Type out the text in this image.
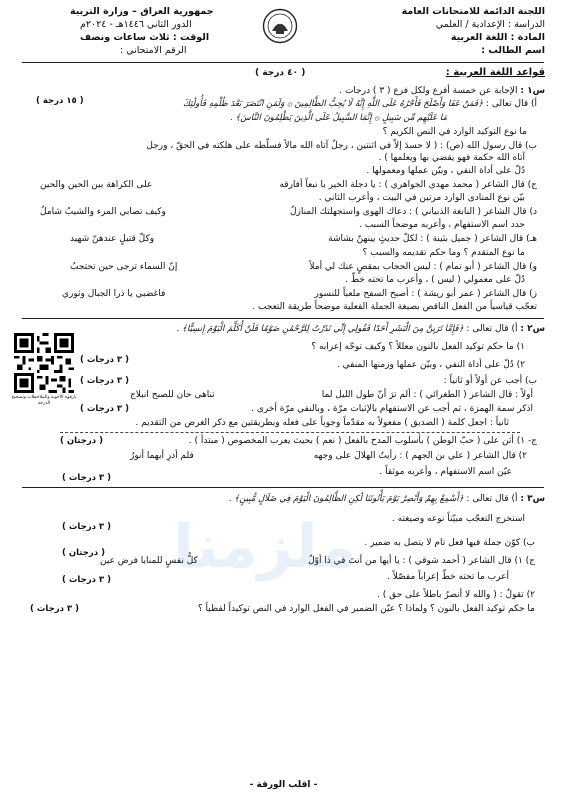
اللجنة الدائمة للامتحانات العامة
الدراسة : الإعدادية / العلمي
المادة : اللغة العربية
اسم الطالب :
جمهورية العراق – وزارة التربية
الدور الثاني ١٤٤٦هـ - ٢٠٢٤م
الوقت : ثلاث ساعات ونصف
الرقم الامتحاني :
قواعد اللغة العربية :
( ٤٠ درجة )
س١ : الإجابة عن خمسة أفرع ولكل فرع ( ٣ ) درجات .
( ١٥ درجة )	أ) قال تعالى : ﴿فَمَنْ عَفَا وَأَصْلَحَ فَأَجْرُهُ عَلَى اللَّهِ إِنَّهُ لَا يُحِبُّ الظَّالِمِينَ ۞ وَلَمَنِ انْتَصَرَ بَعْدَ ظُلْمِهِ فَأُولَٰئِكَ
مَا عَلَيْهِم مِّن سَبِيلٍ ۞ إِنَّمَا السَّبِيلُ عَلَى الَّذِينَ يَظْلِمُونَ النَّاسَ﴾ .
ما نوع التوكيد الوارد في النص الكريم ؟
ب) قال رسول الله (ص) : ( لا حسدَ إلاّ في اثنتين ، رجلٌ آتاه الله مالاً فسلّطه على هلكته في الحقّ ، ورجل
آتاه الله حكمة فهو يقضي بها ويعلمها ) .
دُلّ على أداة النفي ، وبيّن عملها ومعمولها .
ج) قال الشاعر ( محمد مهدي الجواهري ) : يا دجلة الخير يا نبعاً أفارقه
على الكراهة بين الحين والحين
بيّن نوع المنادى الوارد مرتين في البيت ، وأعرب الثاني .
د) قال الشاعر ( النابغة الذبياني ) : دعاك الهوى واستجهلتك المنازلُ
وكيف تصابي المرء والشيبُ شاملُ
حدد اسم الاستفهام ، وأعربه موضحاً السبب .
هـ) قال الشاعر ( جميل بثينة ) : لكلّ حديثٍ بينهنّ بشاشة
وكلّ قتيلٍ عندهنّ شهيد
ما نوع المتقدم ؟ وما حكم تقديمه والسبب ؟
و) قال الشاعر ( أبو تمام ) : ليس الحجاب بمقصٍ عنك لي أملاً
إنّ السماء ترجى حين تحتجبُ
دُلّ على معمولي ( ليس ) ، وأعرب ما تحته خطّ .
ز) قال الشاعر ( عمر أبو ريشة ) : أصبح السفح ملعباً للنسور
فاغضبي يا ذرا الجبال وثوري
تعجّب قياسياً من الفعل الناقص بصيغة الجملة الفعلية موضحاً طريقة التعجب .
يارقوه الأجوبة والملاحظات وتصحيح الدرجة
س٢ : أ) قال تعالى : ﴿فَإِمَّا تَرَيِنَّ مِنَ الْبَشَرِ أَحَدًا فَقُولِي إِنِّي نَذَرْتُ لِلرَّحْمَٰنِ صَوْمًا فَلَنْ أُكَلِّمَ الْيَوْمَ إِنسِيًّا﴾ .
١) ما حكم توكيد الفعل بالنون معللاً ؟ وكيف توجّه إعرابه ؟
( ٣ درجات )	٢) دُلّ على أداة النفي ، وبيّن عملها وزمنها المنفي .
( ٣ درجات )	ب) أجب عن أولاً أو ثانياً :
أولاً : قال الشاعر ( الطغرائي ) : ألم ترَ أنّ طول الليل لما
تناهى حان للصبح انبلاج
اذكر سمة الهمزة ، ثم أجب عن الاستفهام بالإثبات مرّة ، وبالنفي مرّة أخرى .
( ٣ درجات )
ثانياً : اجعل كلمة ( الصديق ) مفعولاً به مقدّماً وجوباً على فعله وبطريقتين مع ذكر الغرض من التقديم .
ج- ١) أثن على ( حبّ الوطن ) بأسلوب المدح بالفعل ( نعم ) بحيث يعرب المخصوص ( مبتدأ ) .
( درجتان )
٢) قال الشاعر ( علي بن الجهم ) : رأيتُ الهلالَ على وجهه
فلم أدرِ أيهما أنورُ
عيّن اسم الاستفهام ، وأعربه موثقاً .
( ٣ درجات )
ملزمنا
س٣ : أ) قال تعالى : ﴿أَسْمِعْ بِهِمْ وَأَبْصِرْ يَوْمَ يَأْتُونَنَا لَٰكِنِ الظَّالِمُونَ الْيَوْمَ فِي ضَلَالٍ مُّبِينٍ﴾ .
استخرج التعجّب مبيّناً نوعه وصيغته .
( ٣ درجات )
ب) كوّن جملة فيها فعل تام لا يتصل به ضمير .
( درجتان )
ج) ١) قال الشاعر ( أحمد شوقي ) : يا أيها من أنتَ في ذا أوّلٌ
كلُّ نفسٍ للمنايا فرض عين
أعرب ما تحته خطّ إعراباً مفصّلاً .
( ٣ درجات )
٢) تقولُ : ( والله لا أنصرُ باطلاً على حق ) .
ما حكم توكيد الفعل بالنون ؟ ولماذا ؟ عيّن الضمير في الفعل الوارد في النص توكيداً لفظياً ؟
( ٣ درجات )
- اقلب الورقة -
